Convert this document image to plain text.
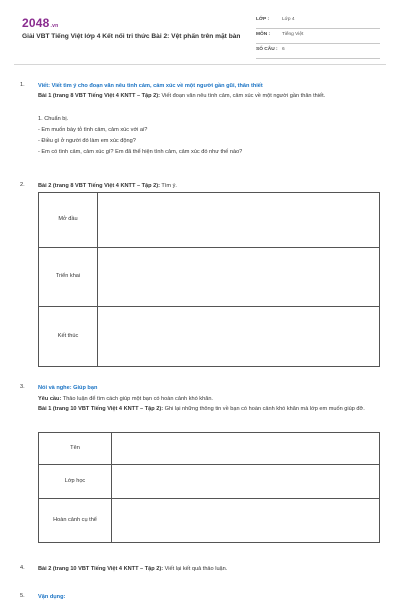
2048.vn
Giải VBT Tiếng Việt lớp 4 Kết nối tri thức Bài 2: Vệt phấn trên mặt bàn
LỚP :	Lớp 4
MÔN : Tiếng Việt
SỐ CÂU : 6
1. Viết: Viết tìm ý cho đoạn văn nêu tình cảm, cảm xúc về một người gần gũi, thân thiết
Bài 1 (trang 8 VBT Tiếng Việt 4 KNTT – Tập 2): Viết đoạn văn nêu tình cảm, cảm xúc về một người gần thân thiết.
1. Chuẩn bị.
- Em muốn bày tỏ tình cảm, cảm xúc với ai?
- Điều gì ở người đó làm em xúc động?
- Em có tình cảm, cảm xúc gì? Em đã thể hiện tình cảm, cảm xúc đó như thế nào?
2. Bài 2 (trang 8 VBT Tiếng Việt 4 KNTT – Tập 2): Tìm ý.
Mở đầu	
Triển khai	
Kết thúc	
3. Nói và nghe: Giúp bạn
Yêu cầu: Thảo luận để tìm cách giúp một bạn có hoàn cảnh khó khăn.
Bài 1 (trang 10 VBT Tiếng Việt 4 KNTT – Tập 2): Ghi lại những thông tin về bạn có hoàn cảnh khó khăn mà lớp em muốn giúp đỡ.
Tên	
Lớp học	
Hoàn cảnh cụ thể	
4. Bài 2 (trang 10 VBT Tiếng Việt 4 KNTT – Tập 2): Viết lại kết quả thảo luận.
5. Vận dụng:
